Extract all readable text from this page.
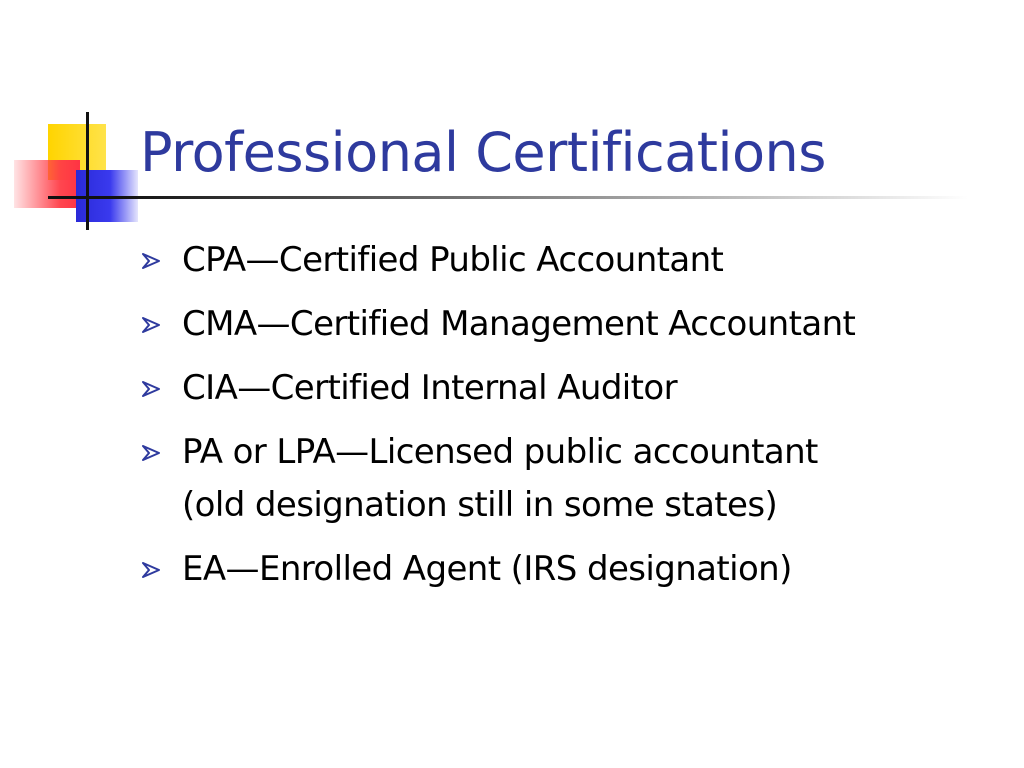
Professional Certifications
CPA—Certified Public Accountant
CMA—Certified Management Accountant
CIA—Certified Internal Auditor
PA or LPA—Licensed public accountant
(old designation still in some states)
EA—Enrolled Agent (IRS designation)
